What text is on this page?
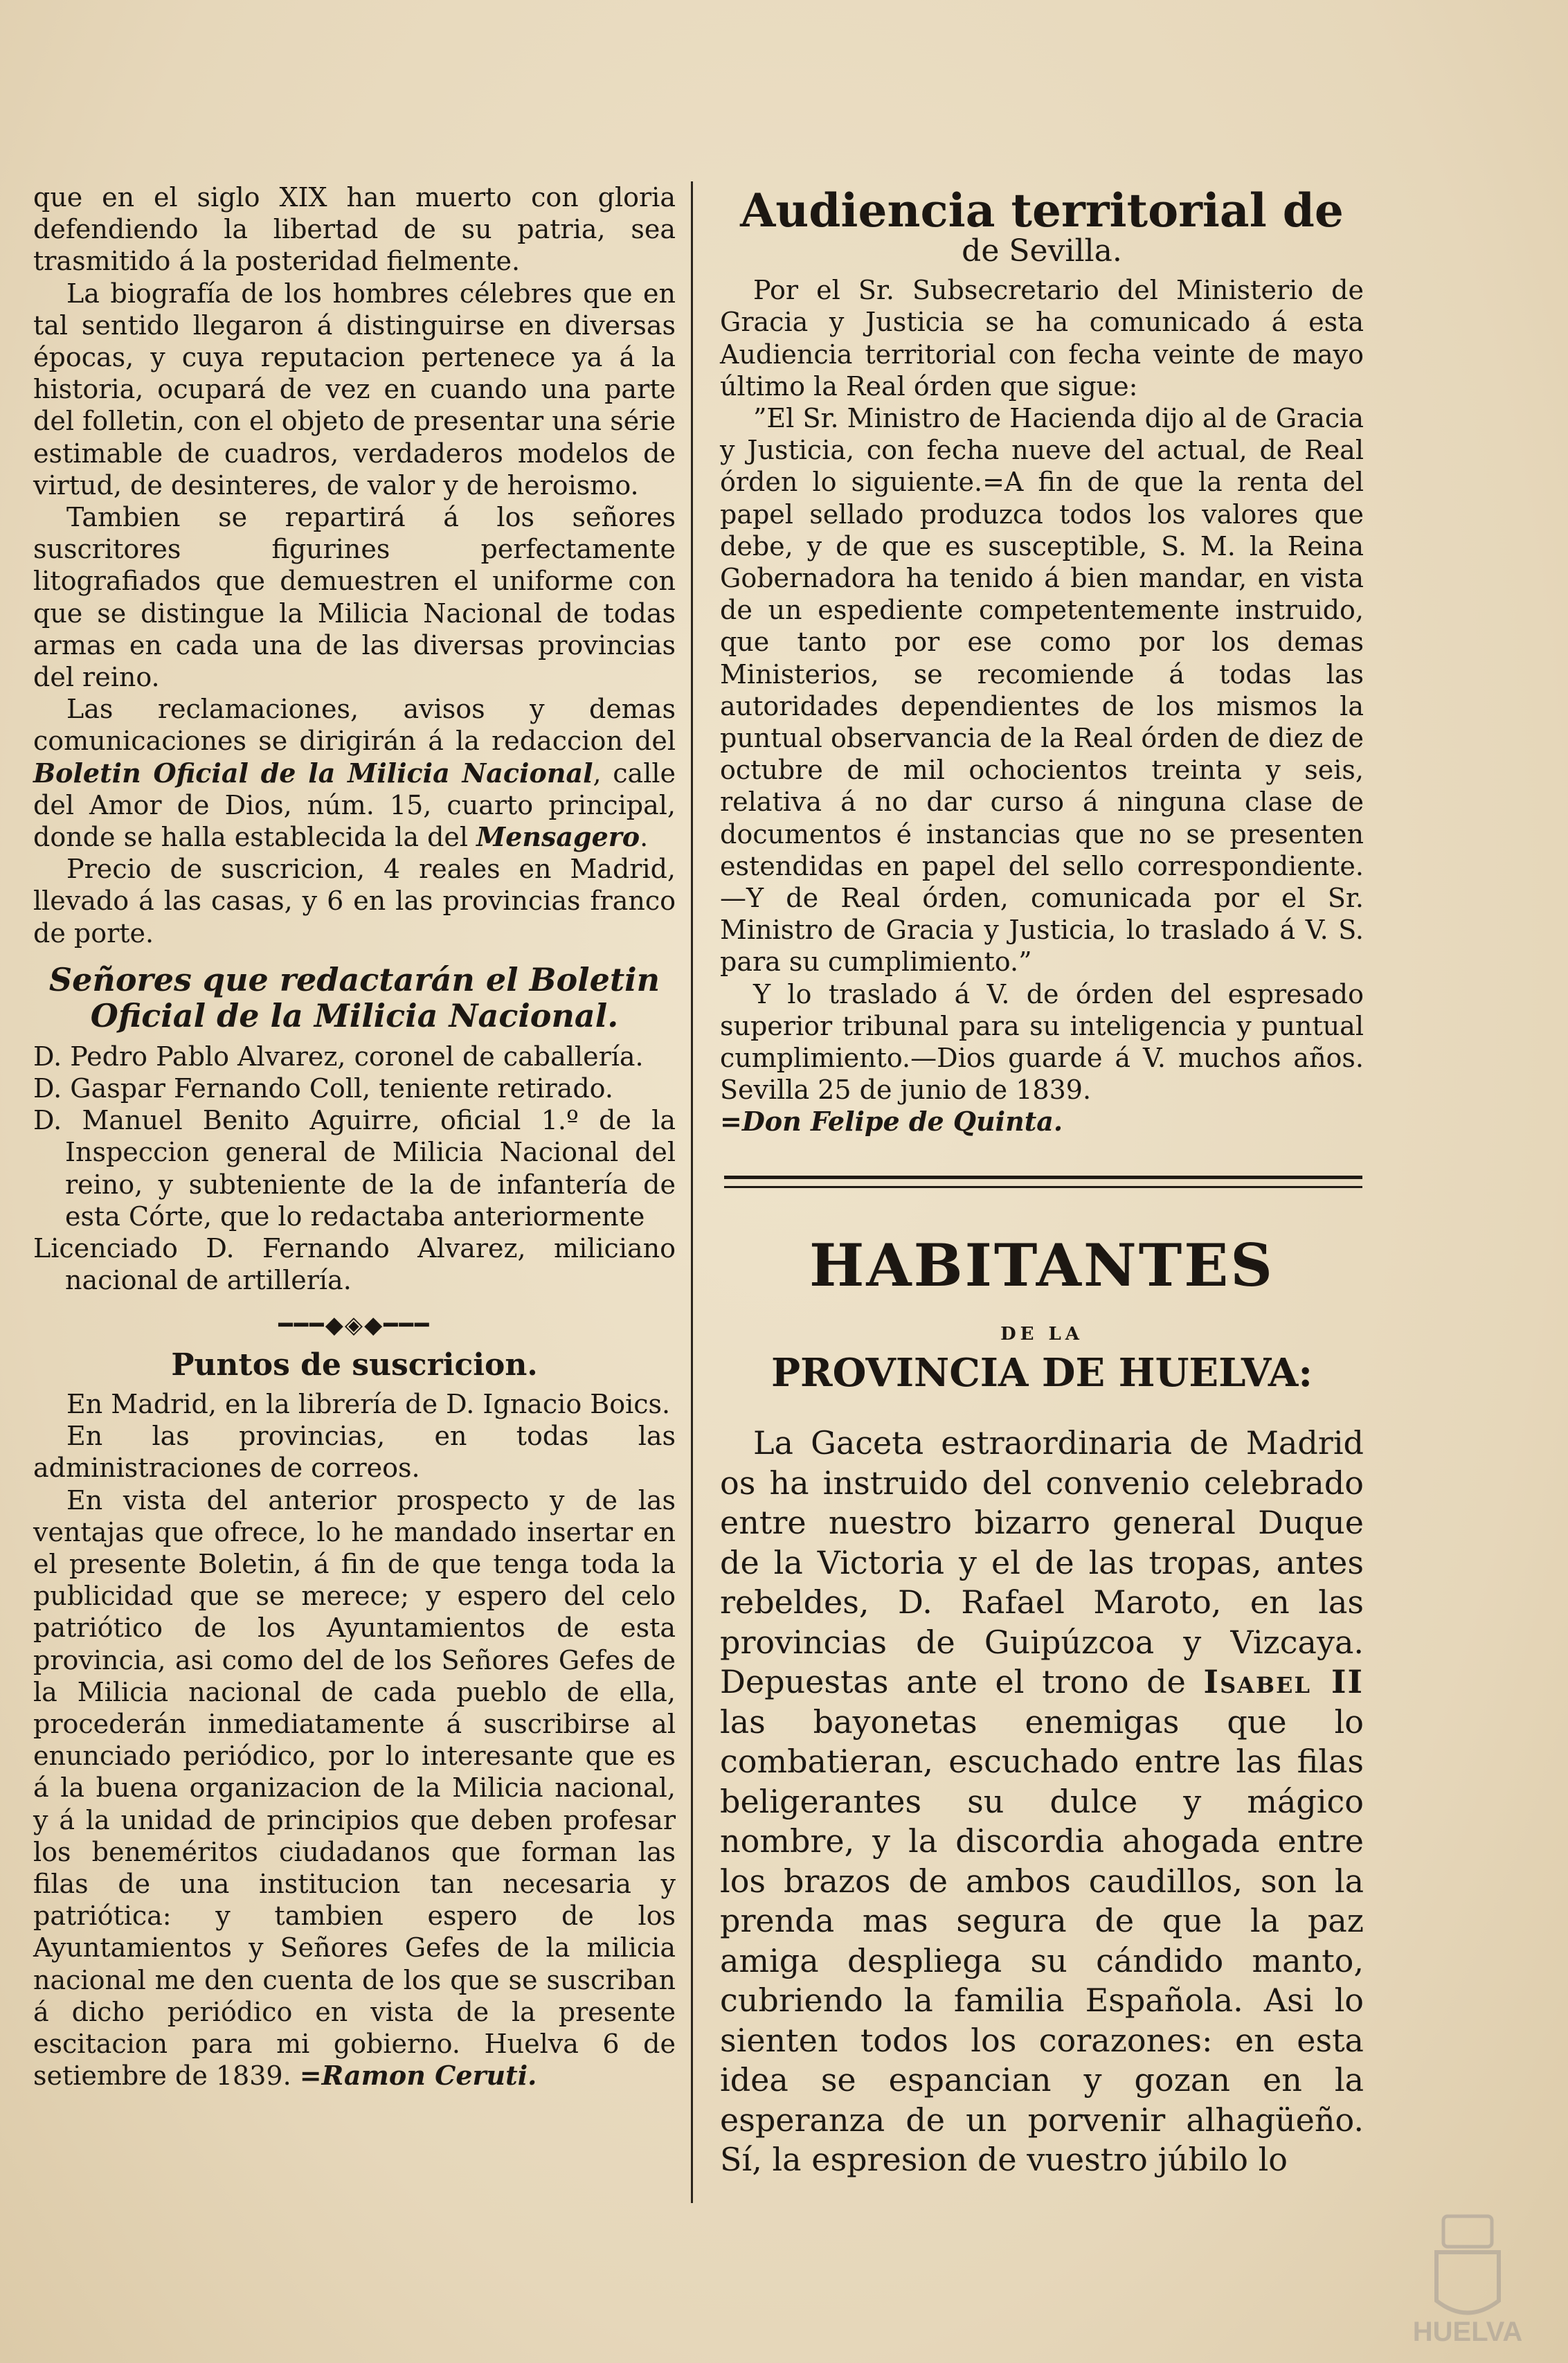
que en el siglo XIX han muerto con gloria defendiendo la libertad de su patria, sea trasmitido á la posteridad fielmente.

La biografía de los hombres célebres que en tal sentido llegaron á distinguirse en diversas épocas, y cuya reputacion pertenece ya á la historia, ocupará de vez en cuando una parte del folletin, con el objeto de presentar una série estimable de cuadros, verdaderos modelos de virtud, de desinteres, de valor y de heroismo.

Tambien se repartirá á los señores suscritores figurines perfectamente litografiados que demuestren el uniforme con que se distingue la Milicia Nacional de todas armas en cada una de las diversas provincias del reino.

Las reclamaciones, avisos y demas comunicaciones se dirigirán á la redaccion del Boletin Oficial de la Milicia Nacional, calle del Amor de Dios, núm. 15, cuarto principal, donde se halla establecida la del Mensagero.

Precio de suscricion, 4 reales en Madrid, llevado á las casas, y 6 en las provincias franco de porte.

Señores que redactarán el Boletin Oficial de la Milicia Nacional.

D. Pedro Pablo Alvarez, coronel de caballería.

D. Gaspar Fernando Coll, teniente retirado.

D. Manuel Benito Aguirre, oficial 1.º de la Inspeccion general de Milicia Nacional del reino, y subteniente de la de infantería de esta Córte, que lo redactaba anteriormente

Licenciado D. Fernando Alvarez, miliciano nacional de artillería.

━━━◆◈◆━━━
Puntos de suscricion.

En Madrid, en la librería de D. Ignacio Boics.

En las provincias, en todas las administraciones de correos.

En vista del anterior prospecto y de las ventajas que ofrece, lo he mandado insertar en el presente Boletin, á fin de que tenga toda la publicidad que se merece; y espero del celo patriótico de los Ayuntamientos de esta provincia, asi como del de los Señores Gefes de la Milicia nacional de cada pueblo de ella, procederán inmediatamente á suscribirse al enunciado periódico, por lo interesante que es á la buena organizacion de la Milicia nacional, y á la unidad de principios que deben profesar los beneméritos ciudadanos que forman las filas de una institucion tan necesaria y patriótica: y tambien espero de los Ayuntamientos y Señores Gefes de la milicia nacional me den cuenta de los que se suscriban á dicho periódico en vista de la presente escitacion para mi gobierno. Huelva 6 de setiembre de 1839. =Ramon Ceruti.

Audiencia territorial de
de Sevilla.

Por el Sr. Subsecretario del Ministerio de Gracia y Justicia se ha comunicado á esta Audiencia territorial con fecha veinte de mayo último la Real órden que sigue:

”El Sr. Ministro de Hacienda dijo al de Gracia y Justicia, con fecha nueve del actual, de Real órden lo siguiente.=A fin de que la renta del papel sellado produzca todos los valores que debe, y de que es susceptible, S. M. la Reina Gobernadora ha tenido á bien mandar, en vista de un espediente competentemente instruido, que tanto por ese como por los demas Ministerios, se recomiende á todas las autoridades dependientes de los mismos la puntual observancia de la Real órden de diez de octubre de mil ochocientos treinta y seis, relativa á no dar curso á ninguna clase de documentos é instancias que no se presenten estendidas en papel del sello correspondiente.—Y de Real órden, comunicada por el Sr. Ministro de Gracia y Justicia, lo traslado á V. S. para su cumplimiento.”

Y lo traslado á V. de órden del espresado superior tribunal para su inteligencia y puntual cumplimiento.—Dios guarde á V. muchos años. Sevilla 25 de junio de 1839.
=Don Felipe de Quinta.

HABITANTES
DE LA
PROVINCIA DE HUELVA:

La Gaceta estraordinaria de Madrid os ha instruido del convenio celebrado entre nuestro bizarro general Duque de la Victoria y el de las tropas, antes rebeldes, D. Rafael Maroto, en las provincias de Guipúzcoa y Vizcaya. Depuestas ante el trono de Isabel II las bayonetas enemigas que lo combatieran, escuchado entre las filas beligerantes su dulce y mágico nombre, y la discordia ahogada entre los brazos de ambos caudillos, son la prenda mas segura de que la paz amiga despliega su cándido manto, cubriendo la familia Española. Asi lo sienten todos los corazones: en esta idea se espancian y gozan en la esperanza de un porvenir alhagüeño. Sí, la espresion de vuestro júbilo lo

HUELVA
